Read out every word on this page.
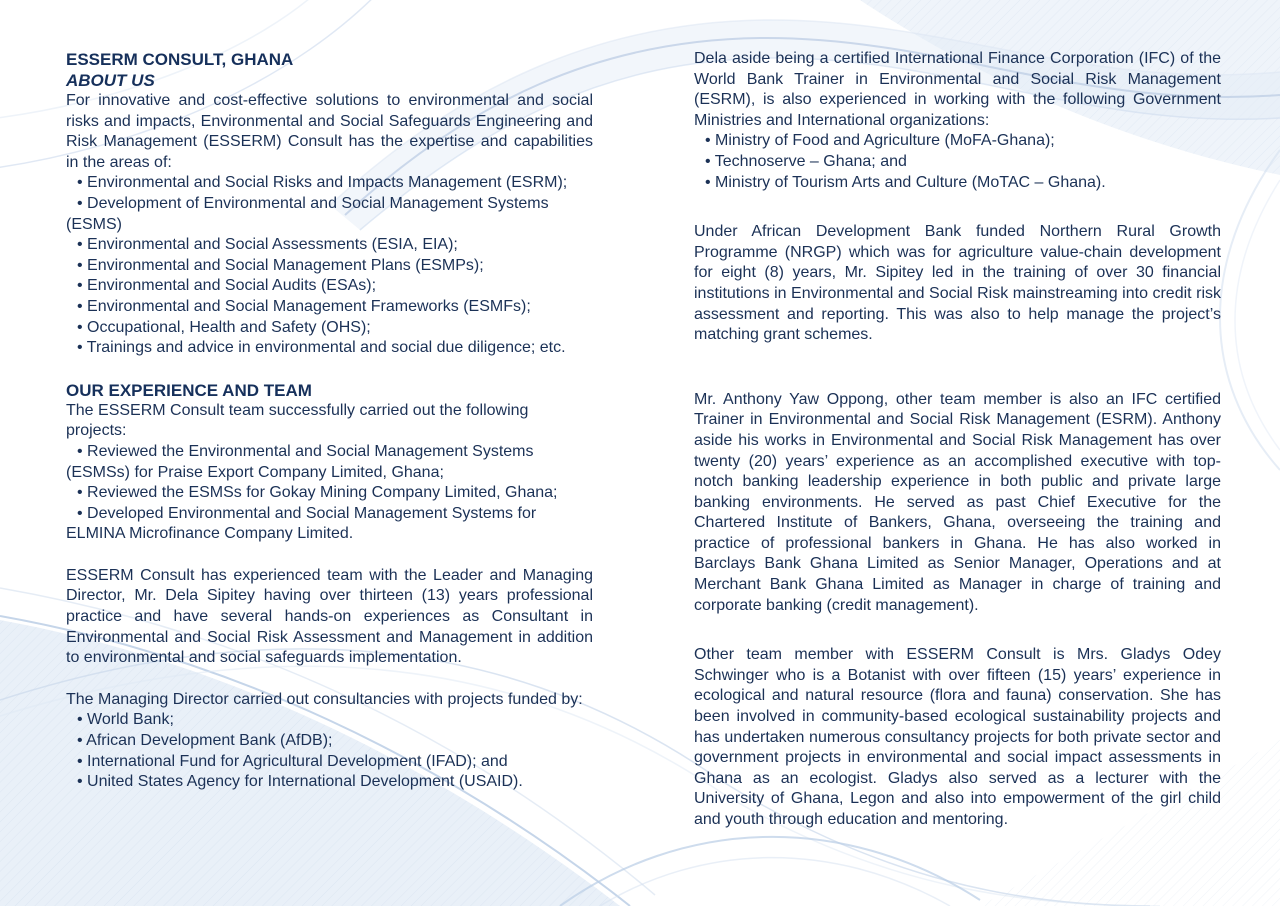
ESSERM CONSULT, GHANA
ABOUT US

For innovative and cost-effective solutions to environmental and social risks and impacts, Environmental and Social Safeguards Engineering and Risk Management (ESSERM) Consult has the expertise and capabilities in the areas of:

• Environmental and Social Risks and Impacts Management (ESRM);

• Development of Environmental and Social Management Systems (ESMS)

• Environmental and Social Assessments (ESIA, EIA);

• Environmental and Social Management Plans (ESMPs);

• Environmental and Social Audits (ESAs);

• Environmental and Social Management Frameworks (ESMFs);

• Occupational, Health and Safety (OHS);

• Trainings and advice in environmental and social due diligence; etc.

OUR EXPERIENCE AND TEAM

The ESSERM Consult team successfully carried out the following projects:

• Reviewed the Environmental and Social Management Systems (ESMSs) for Praise Export Company Limited, Ghana;

• Reviewed the ESMSs for Gokay Mining Company Limited, Ghana;

• Developed Environmental and Social Management Systems for ELMINA Microfinance Company Limited.

ESSERM Consult has experienced team with the Leader and Managing Director, Mr. Dela Sipitey having over thirteen (13) years professional practice and have several hands-on experiences as Consultant in Environmental and Social Risk Assessment and Management in addition to environmental and social safeguards implementation.

The Managing Director carried out consultancies with projects funded by:

• World Bank;

• African Development Bank (AfDB);

• International Fund for Agricultural Development (IFAD); and

• United States Agency for International Development (USAID).

Dela aside being a certified International Finance Corporation (IFC) of the World Bank Trainer in Environmental and Social Risk Management (ESRM), is also experienced in working with the following Government Ministries and International organizations:

• Ministry of Food and Agriculture (MoFA-Ghana);

• Technoserve – Ghana; and

• Ministry of Tourism Arts and Culture (MoTAC – Ghana).

Under African Development Bank funded Northern Rural Growth Programme (NRGP) which was for agriculture value-chain development for eight (8) years, Mr. Sipitey led in the training of over 30 financial institutions in Environmental and Social Risk mainstreaming into credit risk assessment and reporting. This was also to help manage the project’s matching grant schemes.

Mr. Anthony Yaw Oppong, other team member is also an IFC certified Trainer in Environmental and Social Risk Management (ESRM). Anthony aside his works in Environmental and Social Risk Management has over twenty (20) years’ experience as an accomplished executive with top-notch banking leadership experience in both public and private large banking environments. He served as past Chief Executive for the Chartered Institute of Bankers, Ghana, overseeing the training and practice of professional bankers in Ghana. He has also worked in Barclays Bank Ghana Limited as Senior Manager, Operations and at Merchant Bank Ghana Limited as Manager in charge of training and corporate banking (credit management).

Other team member with ESSERM Consult is Mrs. Gladys Odey Schwinger who is a Botanist with over fifteen (15) years’ experience in ecological and natural resource (flora and fauna) conservation. She has been involved in community-based ecological sustainability projects and has undertaken numerous consultancy projects for both private sector and government projects in environmental and social impact assessments in Ghana as an ecologist. Gladys also served as a lecturer with the University of Ghana, Legon and also into empowerment of the girl child and youth through education and mentoring.
